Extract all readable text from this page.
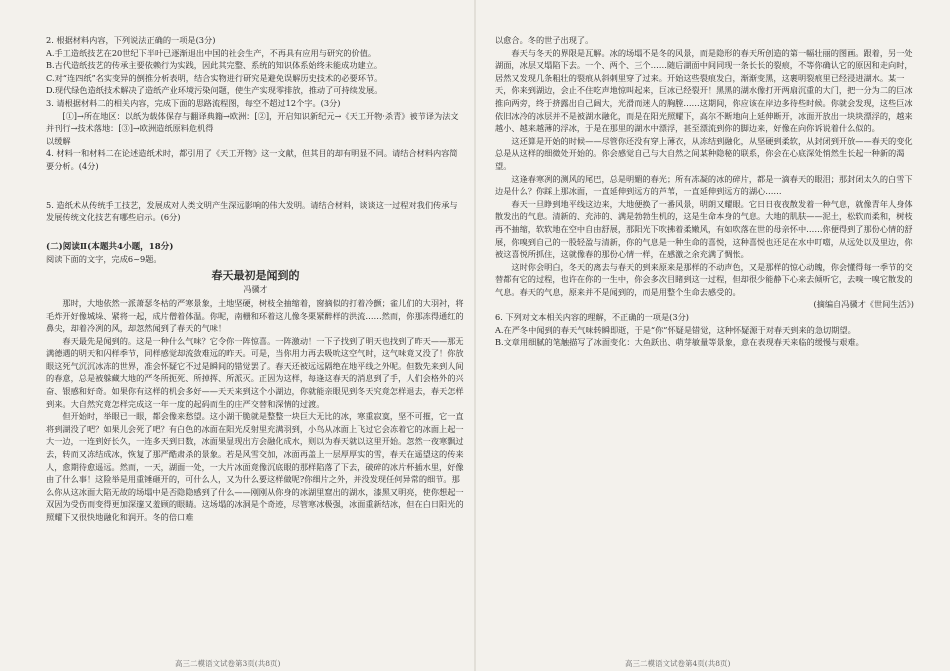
2. 根据材料内容，下列说法正确的一项是(3分)

A.手工造纸技艺在20世纪下半叶已逐渐退出中国的社会生产，不再具有应用与研究的价值。

B.古代造纸技艺的传承主要依赖行为实践，因此其完整、系统的知识体系始终未能成功建立。

C.对“连四纸”名实变异的倒推分析表明，结合实物进行研究是避免误解历史技术的必要环节。

D.现代绿色造纸技术解决了造纸产业环境污染问题，使生产实现零排放，推动了可持续发展。

3. 请根据材料二的相关内容，完成下面的思路流程图，每空不超过12个字。(3分)

[①]→所在地区：以纸为载体保存与翻译典籍→欧洲：[②]，开启知识新纪元→《天工开物·杀青》被节译为法文并刊行→技术落地：[③]→欧洲造纸原料危机得

以缓解

4. 材料一和材料二在论述造纸术时，都引用了《天工开物》这一文献，但其目的却有明显不同。请结合材料内容简要分析。(4分)

5. 造纸术从传统手工技艺，发展成对人类文明产生深远影响的伟大发明。请结合材料，谈谈这一过程对我们传承与发展传统文化技艺有哪些启示。(6分)

(二)阅读Ⅱ(本题共4小题，18分)

阅读下面的文字，完成6~9题。

春天最初是闻到的

冯骥才

那时，大地依然一派萧瑟冬枯的严寒景象，土地坚硬，树枝全抽缩着，窗摘似的打着冷颤；雀儿们的大羽衬，将毛炸开好像城垛、紧将一起，成片僧着体温。你呢，南栅和环着这儿像冬栗紧醉样的洪流……然而，你那冻得通红的鼻尖，却着冷冽的风，却忽然闻到了春天的气味！

春天最先是闻到的。这是一种什么气味？它令你一阵惊喜。一阵激动！一下子找到了明天也找到了昨天——那无满德遇的明天和闪样季节，同样感觉却流敛难远的昨天。可是，当你用力再去吸吮这空气时，这气味竟又没了！你放眼这死气沉沉冰冻的世界，准会怀疑它不过是瞬间的错觉罢了。春天还被远远隔绝在地平线之外呢。但数先来到人间的春意，总是被躲藏大地的严冬所扼死、所掉挥、所派灭。正因为这样，每逢这春天的消息到了手，人们会格外的兴奋、银感和好奇。如果你有这样的机会多好——天天来到这个小湖边，你就能亲眼见到冬天究竟怎样退去，春天怎样到来。大自然究竟怎样完成这一年一度的起码而生的庄严交替和深情的过渡。

但开始时，举眼已一眼，都会像来愁望。这小湖干脆就是整整一块巨大无比的冰，寒重寂寞，坚不可摧，它一直将到湖没了吧？如果儿会死了吧？有白色的冰面在阳光反射里充满羽到，小鸟从冰面上飞过它会冻着它的冰面上起一大一边，一连到好长久，一连多天到日数，冰面果显现出方会融化成水，则以为春天就以这里开始。忽然一夜寒飘过去，转而又冻结成冰，恢复了那严酷肃杀的景象。若是风雪交加，冰面再盖上一层厚厚实的雪，春天在遥望这的传来人，愈期待愈遥远。然而，一天，湖面一处，一大片冰面竟像沉底眼的那样陷落了下去，破碎的冰片杯插水里，好像由了什么事！这险举是用重锤砸开的，可什么人，又为什么要这样做呢?你细片之外，并没发现任何异常的细节。那么你从这冰面大陷无故的场塌中是否隐隐感到了什么——刚刚从你身的冰湖里窟出的湖水，漆黑又明亮，使你想起一双因为受伤而变得更加深邃又羞顾的眼睛。这场塌的冰洞是个奇迹，尽管寒冰极强，冰面重新结冰，但在白日阳光的照耀下又很快地融化和润开。冬的倍口难

高三二模语文试卷第3页(共8页)

以愈合。冬的世子出现了。

春天与冬天的界限是瓦解。冰的场塌不是冬的风景，而是隐形的春天所创造的第一幅壮丽的图画。跟着，另一处湖面，冰层又塌陷下去。一个、两个、三个……随后湖面中间同现一条长长的裂痕，不等你确认它的原因和走向时，居然又发现几条粗壮的裂痕从斜刺里穿了过来。开始这些裂痕发白，渐渐变黑，这裹明裂痕里已经浸进湖水。某一天，你来到湖边，会止不住吃声地惊叫起来，巨冰已经裂开！黑黑的湖水像打开两扇沉重的大门，把一分为二的巨冰推向两旁，终于挤露出自己阔大，光滑而迷人的胸膛……这期间，你应该在岸边多待些时候。你就会发现，这些巨冰依旧冰冷的冰层并不是被湖水融化，而是在阳光照耀下，高尔不断地向上延伸断开，冰面开放出一块块漂浮的，越来越小、越来越薄的浮冰，于是在那里的湖水中漂浮，甚至漂流到你的脚边来，好像在向你诉说着什么似的。

这还算是开始的时候——尽管你还没有穿上薄衣，从冻结到融化，从坚硬到柔软，从封闭到开放——春天的变化总是从这样的细微处开始的。你会感觉自己与大自然之间某种隐秘的联系，你会在心底深处悄然生长起一种新的渴望。

这逢春寒冽的测风的尾巴，总是明媚的春光；所有冻凝的冰的碎片，都是一滴春天的眼泪；那封闭太久的白雪下边是什么？你踩上那冰面，一直延伸到远方的芦苇，一直延伸到远方的湖心……

春天一旦睁到地平线这边来，大地便换了一番风景，明朗又耀眼。它日日夜夜散发着一种气息，就像青年人身体散发出的气息。清新的、充沛的、满是勃勃生机的，这是生命本身的气息。大地的肌肤——泥土，松软而柔和，树枝再不抽缩，软软地在空中自由舒展，那阳光下吹拂着柔嫩风，有如吹落在世的母亲怀中……你便得到了那份心情的舒展，你嗅到自己的一股轻盈与清新，你的气息是一种生命的喜悦，这种喜悦也还足在水中叮噹，从远处以及里边，你被这喜悦所抓住，这就像春的那份心情一样，在感激之余充满了惆怅。

这时你会明白，冬天的离去与春天的到来原来是那样的不动声色，又是那样的惊心动魄，你会懂得每一季节的交替都有它的过程，也许在你的一生中，你会多次目睹到这一过程，但却很少能静下心来去倾听它，去嗅一嗅它散发的气息。春天的气息，原来并不是闻到的，而是用整个生命去感受的。

(摘编自冯骥才《世间生活》)

6. 下列对文本相关内容的理解，不正确的一项是(3分)

A.在严冬中闻到的春天气味转瞬即逝，于是“你”怀疑是错觉，这种怀疑源于对春天到来的急切期望。

B.文章用细腻的笔触描写了冰面变化：大鱼跃出、萌芽敏量等景象，意在表现春天来临的缓慢与艰难。

高三二模语文试卷第4页(共8页)
